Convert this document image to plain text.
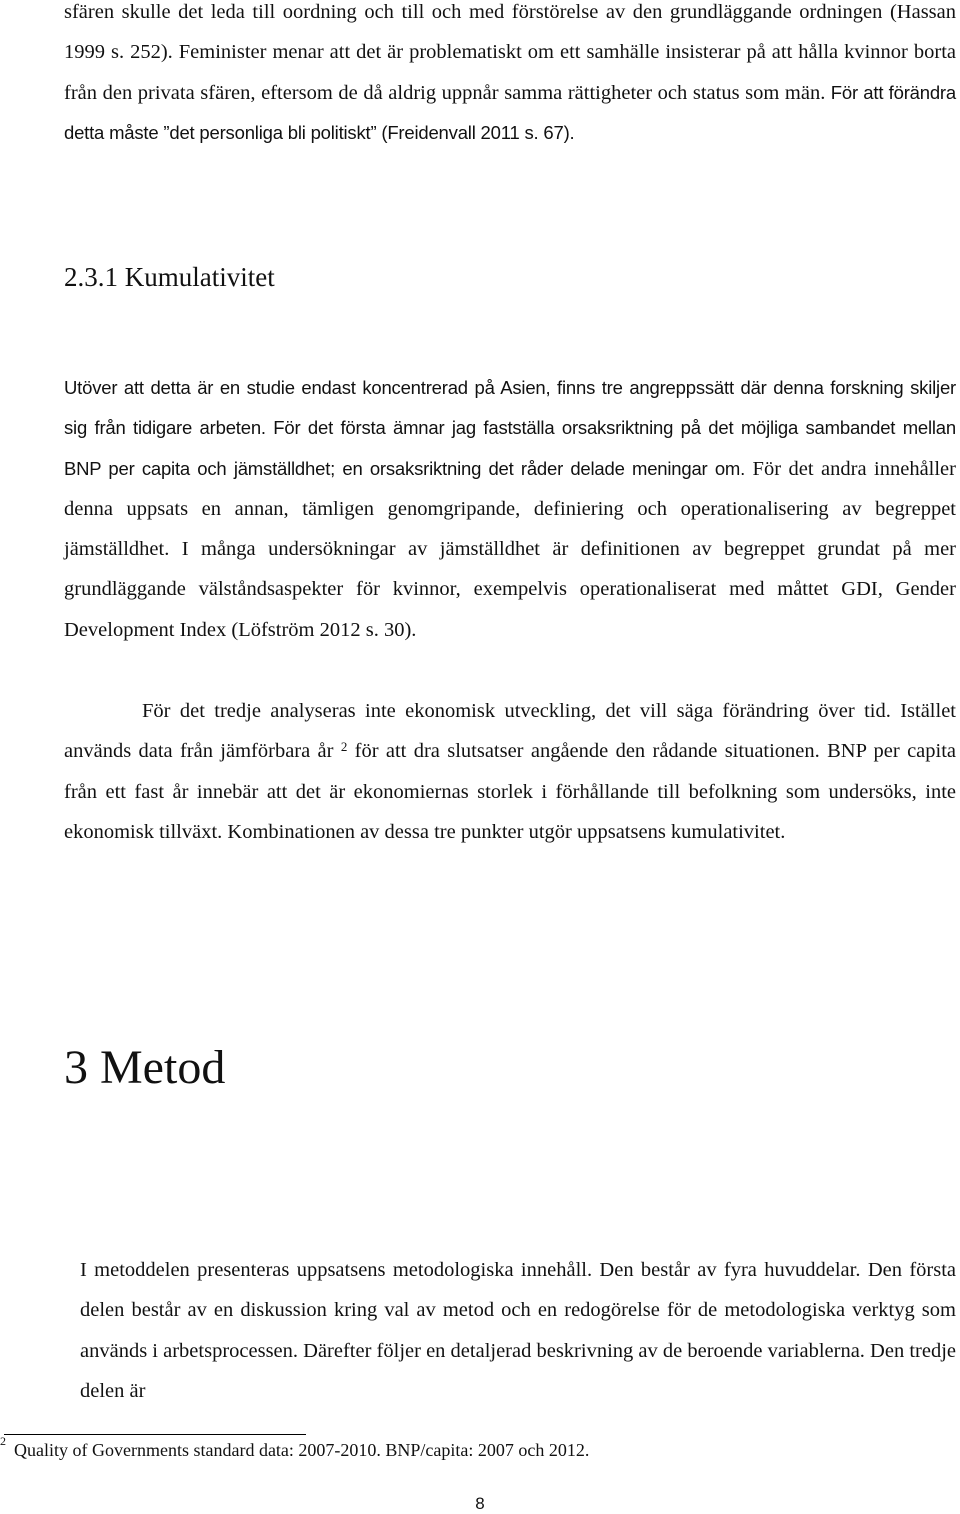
sfären skulle det leda till oordning och till och med förstörelse av den grundläggande ordningen (Hassan 1999 s. 252). Feminister menar att det är problematiskt om ett samhälle insisterar på att hålla kvinnor borta från den privata sfären, eftersom de då aldrig uppnår samma rättigheter och status som män. För att förändra detta måste ”det personliga bli politiskt” (Freidenvall 2011 s. 67).

2.3.1 Kumulativitet

Utöver att detta är en studie endast koncentrerad på Asien, finns tre angreppssätt där denna forskning skiljer sig från tidigare arbeten. För det första ämnar jag fastställa orsaksriktning på det möjliga sambandet mellan BNP per capita och jämställdhet; en orsaksriktning det råder delade meningar om. För det andra innehåller denna uppsats en annan, tämligen genomgripande, definiering och operationalisering av begreppet jämställdhet. I många undersökningar av jämställdhet är definitionen av begreppet grundat på mer grundläggande välståndsaspekter för kvinnor, exempelvis operationaliserat med måttet GDI, Gender Development Index (Löfström 2012 s. 30).

För det tredje analyseras inte ekonomisk utveckling, det vill säga förändring över tid. Istället används data från jämförbara år $^2$ för att dra slutsatser angående den rådande situationen. BNP per capita från ett fast år innebär att det är ekonomiernas storlek i förhållande till befolkning som undersöks, inte ekonomisk tillväxt. Kombinationen av dessa tre punkter utgör uppsatsens kumulativitet.

3 Metod

I metoddelen presenteras uppsatsens metodologiska innehåll. Den består av fyra huvuddelar. Den första delen består av en diskussion kring val av metod och en redogörelse för de metodologiska verktyg som används i arbetsprocessen. Därefter följer en detaljerad beskrivning av de beroende variablerna. Den tredje delen är

$^2$ Quality of Governments standard data: 2007-2010. BNP/capita: 2007 och 2012.

8
